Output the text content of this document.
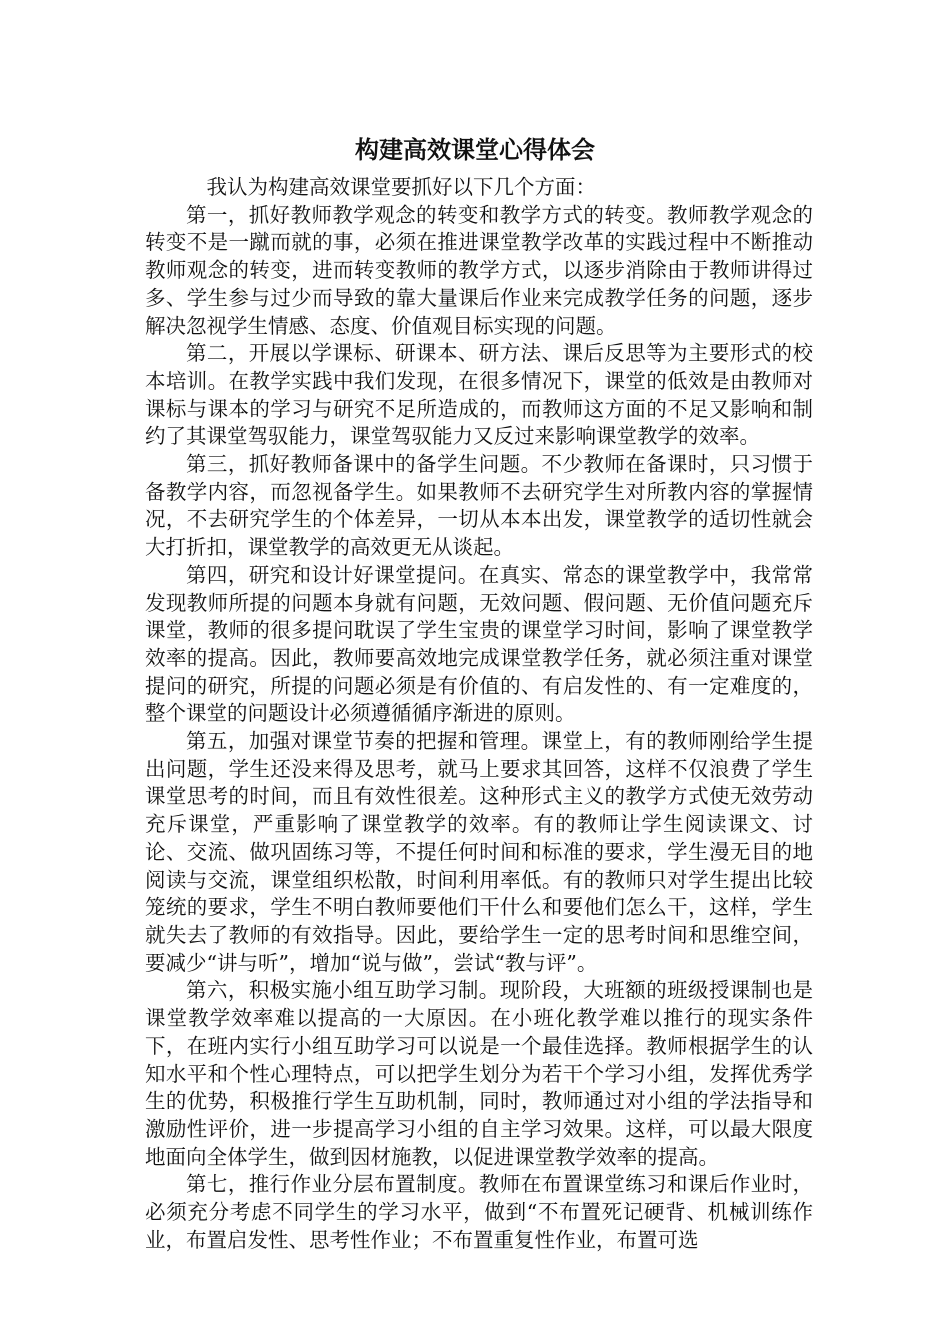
构建高效课堂心得体会

我认为构建高效课堂要抓好以下几个方面：

第一，抓好教师教学观念的转变和教学方式的转变。教师教学观念的转变不是一蹴而就的事，必须在推进课堂教学改革的实践过程中不断推动教师观念的转变，进而转变教师的教学方式，以逐步消除由于教师讲得过多、学生参与过少而导致的靠大量课后作业来完成教学任务的问题，逐步解决忽视学生情感、态度、价值观目标实现的问题。

第二，开展以学课标、研课本、研方法、课后反思等为主要形式的校本培训。在教学实践中我们发现，在很多情况下，课堂的低效是由教师对课标与课本的学习与研究不足所造成的，而教师这方面的不足又影响和制约了其课堂驾驭能力，课堂驾驭能力又反过来影响课堂教学的效率。

第三，抓好教师备课中的备学生问题。不少教师在备课时，只习惯于备教学内容，而忽视备学生。如果教师不去研究学生对所教内容的掌握情况，不去研究学生的个体差异，一切从本本出发，课堂教学的适切性就会大打折扣，课堂教学的高效更无从谈起。

第四，研究和设计好课堂提问。在真实、常态的课堂教学中，我常常发现教师所提的问题本身就有问题，无效问题、假问题、无价值问题充斥课堂，教师的很多提问耽误了学生宝贵的课堂学习时间，影响了课堂教学效率的提高。因此，教师要高效地完成课堂教学任务，就必须注重对课堂提问的研究，所提的问题必须是有价值的、有启发性的、有一定难度的，整个课堂的问题设计必须遵循循序渐进的原则。

第五，加强对课堂节奏的把握和管理。课堂上，有的教师刚给学生提出问题，学生还没来得及思考，就马上要求其回答，这样不仅浪费了学生课堂思考的时间，而且有效性很差。这种形式主义的教学方式使无效劳动充斥课堂，严重影响了课堂教学的效率。有的教师让学生阅读课文、讨论、交流、做巩固练习等，不提任何时间和标准的要求，学生漫无目的地阅读与交流，课堂组织松散，时间利用率低。有的教师只对学生提出比较笼统的要求，学生不明白教师要他们干什么和要他们怎么干，这样，学生就失去了教师的有效指导。因此，要给学生一定的思考时间和思维空间，要减少“讲与听”，增加“说与做”，尝试“教与评”。

第六，积极实施小组互助学习制。现阶段，大班额的班级授课制也是课堂教学效率难以提高的一大原因。在小班化教学难以推行的现实条件下，在班内实行小组互助学习可以说是一个最佳选择。教师根据学生的认知水平和个性心理特点，可以把学生划分为若干个学习小组，发挥优秀学生的优势，积极推行学生互助机制，同时，教师通过对小组的学法指导和激励性评价，进一步提高学习小组的自主学习效果。这样，可以最大限度地面向全体学生，做到因材施教，以促进课堂教学效率的提高。

第七，推行作业分层布置制度。教师在布置课堂练习和课后作业时，必须充分考虑不同学生的学习水平，做到“不布置死记硬背、机械训练作业，布置启发性、思考性作业；不布置重复性作业，布置可选
